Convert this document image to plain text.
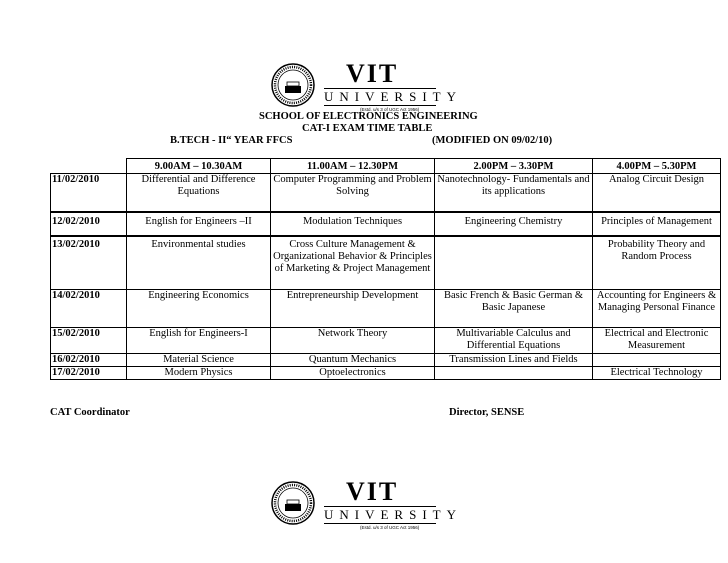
VIT
UNIVERSITY
(Estd. u/s 3 of UGC Act 1956)
SCHOOL OF ELECTRONICS ENGINEERING
CAT-I EXAM TIME TABLE
B.TECH - II“ YEAR FFCS	(MODIFIED ON 09/02/10)
	9.00AM – 10.30AM	11.00AM – 12.30PM	2.00PM – 3.30PM	4.00PM – 5.30PM
11/02/2010	Differential and Difference Equations	Computer Programming and Problem Solving	Nanotechnology- Fundamentals and its applications	Analog Circuit Design
12/02/2010	English for Engineers –II	Modulation Techniques	Engineering Chemistry	Principles of Management
13/02/2010	Environmental studies	Cross Culture Management & Organizational Behavior & Principles of Marketing & Project Management		Probability Theory and Random Process
14/02/2010	Engineering Economics	Entrepreneurship Development	Basic French & Basic German & Basic Japanese	Accounting for Engineers & Managing Personal Finance
15/02/2010	English for Engineers-I	Network Theory	Multivariable Calculus and Differential Equations	Electrical and Electronic Measurement
16/02/2010	Material Science	Quantum Mechanics	Transmission Lines and Fields	
17/02/2010	Modern Physics	Optoelectronics		Electrical Technology
CAT Coordinator	Director, SENSE
VIT
UNIVERSITY
(Estd. u/s 3 of UGC Act 1956)
